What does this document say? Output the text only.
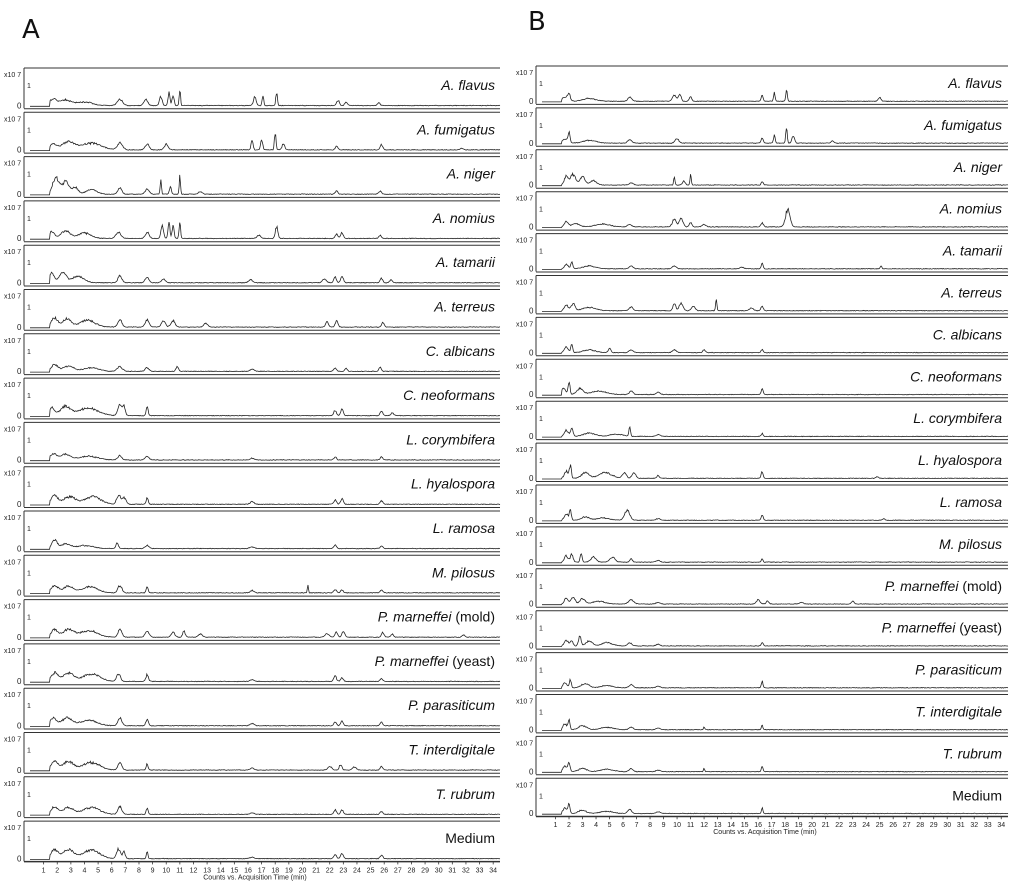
A
x10 7
1
0
A. flavus
x10 7
1
0
A. fumigatus
x10 7
1
0
A. niger
x10 7
1
0
A. nomius
x10 7
1
0
A. tamarii
x10 7
1
0
A. terreus
x10 7
1
0
C. albicans
x10 7
1
0
C. neoformans
x10 7
1
0
L. corymbifera
x10 7
1
0
L. hyalospora
x10 7
1
0
L. ramosa
x10 7
1
0
M. pilosus
x10 7
1
0
P. marneffei (mold)
x10 7
1
0
P. marneffei (yeast)
x10 7
1
0
P. parasiticum
x10 7
1
0
T. interdigitale
x10 7
1
0
T. rubrum
x10 7
1
0
Medium
1 2 3 4 5 6 7 8 9 10 11 12 13 14 15 16 17 18 19 20 21 22 23 24 25 26 27 28 29 30 31 32 33 34
Counts vs. Acquisition Time (min)
B
x10 7
1
0
A. flavus
x10 7
1
0
A. fumigatus
x10 7
1
0
A. niger
x10 7
1
0
A. nomius
x10 7
1
0
A. tamarii
x10 7
1
0
A. terreus
x10 7
1
0
C. albicans
x10 7
1
0
C. neoformans
x10 7
1
0
L. corymbifera
x10 7
1
0
L. hyalospora
x10 7
1
0
L. ramosa
x10 7
1
0
M. pilosus
x10 7
1
0
P. marneffei (mold)
x10 7
1
0
P. marneffei (yeast)
x10 7
1
0
P. parasiticum
x10 7
1
0
T. interdigitale
x10 7
1
0
T. rubrum
x10 7
1
0
Medium
1 2 3 4 5 6 7 8 9 10 11 12 13 14 15 16 17 18 19 20 21 22 23 24 25 26 27 28 29 30 31 32 33 34
Counts vs. Acquisition Time (min)
